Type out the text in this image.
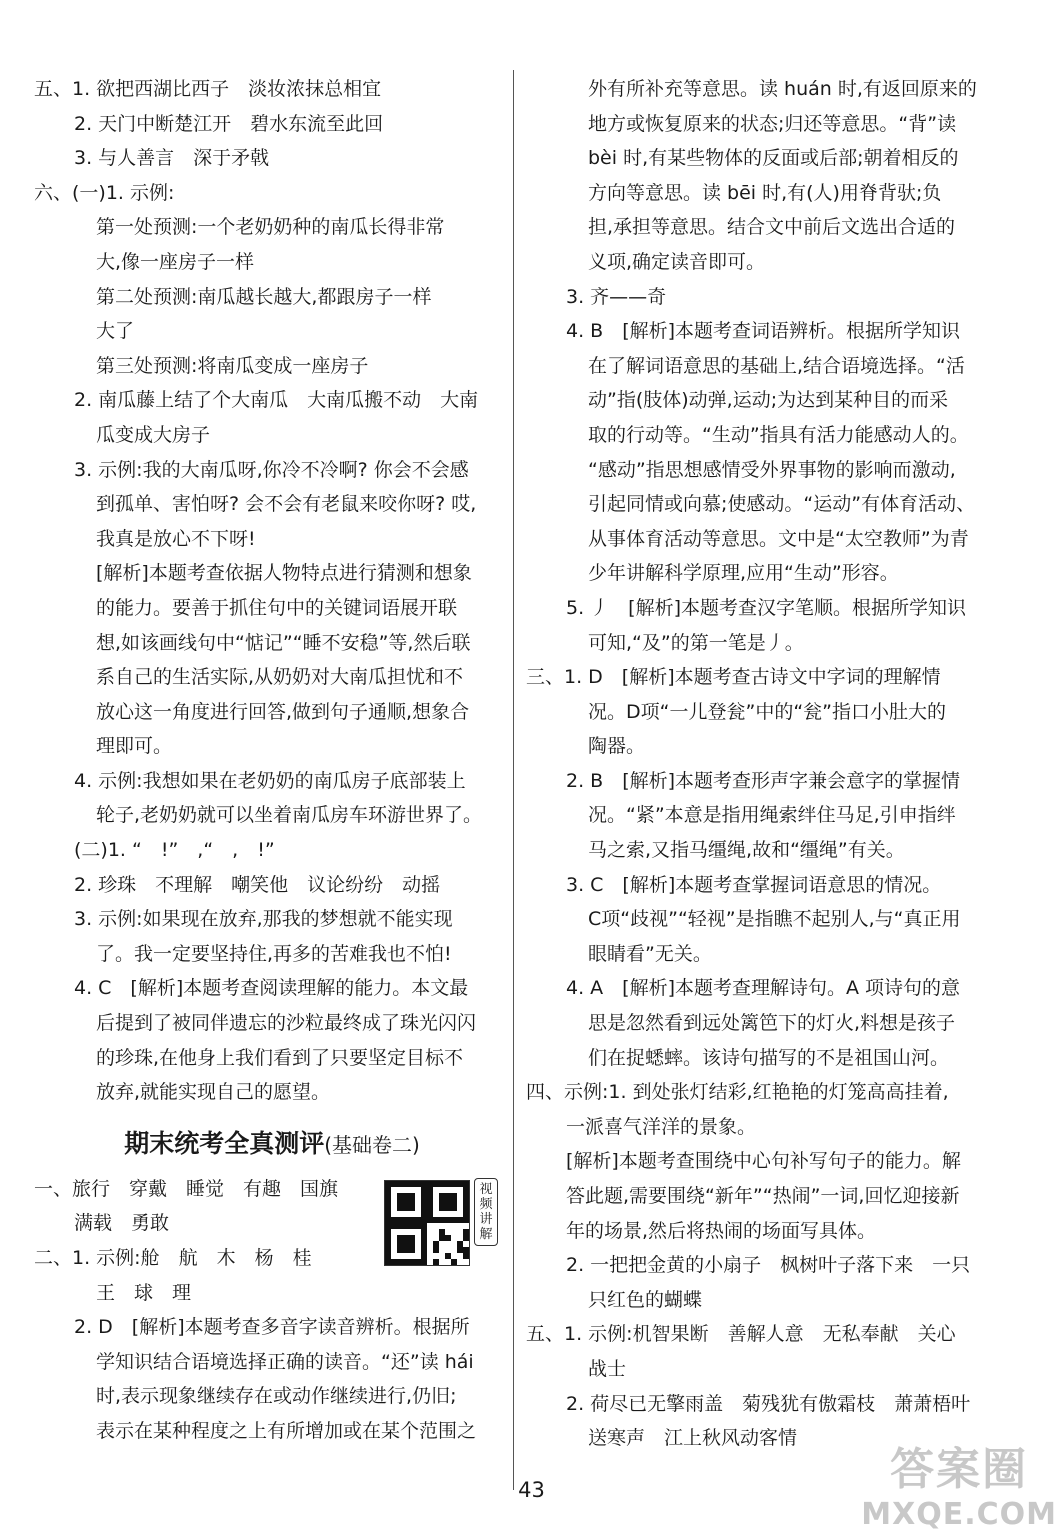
五、1. 欲把西湖比西子　淡妆浓抹总相宜
2. 天门中断楚江开　碧水东流至此回
3. 与人善言　深于矛戟
六、(一)1. 示例:
第一处预测:一个老奶奶种的南瓜长得非常
大,像一座房子一样
第二处预测:南瓜越长越大,都跟房子一样
大了
第三处预测:将南瓜变成一座房子
2. 南瓜藤上结了个大南瓜　大南瓜搬不动　大南
瓜变成大房子
3. 示例:我的大南瓜呀,你冷不冷啊? 你会不会感
到孤单、害怕呀? 会不会有老鼠来咬你呀? 哎,
我真是放心不下呀!
[解析]本题考查依据人物特点进行猜测和想象
的能力。要善于抓住句中的关键词语展开联
想,如该画线句中“惦记”“睡不安稳”等,然后联
系自己的生活实际,从奶奶对大南瓜担忧和不
放心这一角度进行回答,做到句子通顺,想象合
理即可。
4. 示例:我想如果在老奶奶的南瓜房子底部装上
轮子,老奶奶就可以坐着南瓜房车环游世界了。
(二)1. “　!”　,“　,　!”
2. 珍珠　不理解　嘲笑他　议论纷纷　动摇
3. 示例:如果现在放弃,那我的梦想就不能实现
了。我一定要坚持住,再多的苦难我也不怕!
4. C　[解析]本题考查阅读理解的能力。本文最
后提到了被同伴遗忘的沙粒最终成了珠光闪闪
的珍珠,在他身上我们看到了只要坚定目标不
放弃,就能实现自己的愿望。
期末统考全真测评(基础卷二)
一、旅行　穿戴　睡觉　有趣　国旗
满载　勇敢
二、1. 示例:舱　航　木　杨　桂
王　球　理
2. D　[解析]本题考查多音字读音辨析。根据所
学知识结合语境选择正确的读音。“还”读 hái
时,表示现象继续存在或动作继续进行,仍旧;
表示在某种程度之上有所增加或在某个范围之
外有所补充等意思。读 huán 时,有返回原来的
地方或恢复原来的状态;归还等意思。“背”读
bèi 时,有某些物体的反面或后部;朝着相反的
方向等意思。读 bēi 时,有(人)用脊背驮;负
担,承担等意思。结合文中前后文选出合适的
义项,确定读音即可。
3. 齐——奇
4. B　[解析]本题考查词语辨析。根据所学知识
在了解词语意思的基础上,结合语境选择。“活
动”指(肢体)动弹,运动;为达到某种目的而采
取的行动等。“生动”指具有活力能感动人的。
“感动”指思想感情受外界事物的影响而激动,
引起同情或向慕;使感动。“运动”有体育活动、
从事体育活动等意思。文中是“太空教师”为青
少年讲解科学原理,应用“生动”形容。
5. 丿　[解析]本题考查汉字笔顺。根据所学知识
可知,“及”的第一笔是丿。
三、1. D　[解析]本题考查古诗文中字词的理解情
况。D项“一儿登瓮”中的“瓮”指口小肚大的
陶器。
2. B　[解析]本题考查形声字兼会意字的掌握情
况。“紧”本意是指用绳索绊住马足,引申指绊
马之索,又指马缰绳,故和“缰绳”有关。
3. C　[解析]本题考查掌握词语意思的情况。
C项“歧视”“轻视”是指瞧不起别人,与“真正用
眼睛看”无关。
4. A　[解析]本题考查理解诗句。A 项诗句的意
思是忽然看到远处篱笆下的灯火,料想是孩子
们在捉蟋蟀。该诗句描写的不是祖国山河。
四、示例:1. 到处张灯结彩,红艳艳的灯笼高高挂着,
一派喜气洋洋的景象。
[解析]本题考查围绕中心句补写句子的能力。解
答此题,需要围绕“新年”“热闹”一词,回忆迎接新
年的场景,然后将热闹的场面写具体。
2. 一把把金黄的小扇子　枫树叶子落下来　一只
只红色的蝴蝶
五、1. 示例:机智果断　善解人意　无私奉献　关心
战士
2. 荷尽已无擎雨盖　菊残犹有傲霜枝　萧萧梧叶
送寒声　江上秋风动客情
视频讲解
43	答案圈
MXQE.COM
